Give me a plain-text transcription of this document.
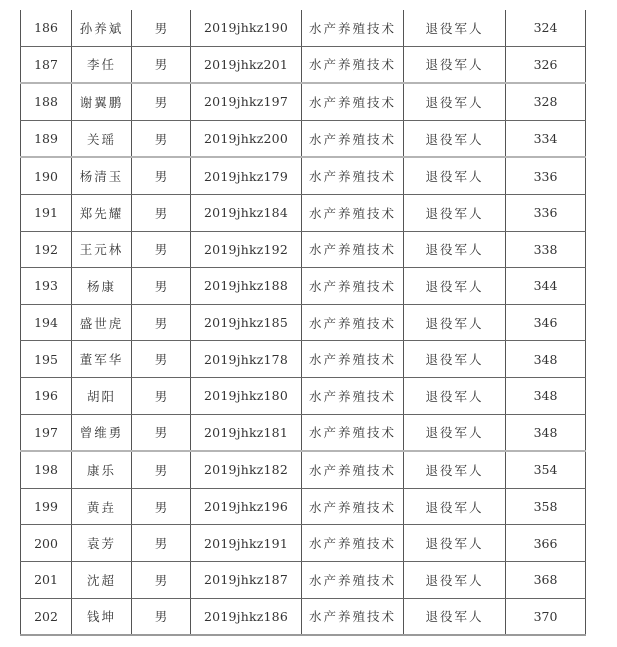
186	孙养斌	男	2019jhkz190	水产养殖技术	退役军人	324
187	李任	男	2019jhkz201	水产养殖技术	退役军人	326
188	谢翼鹏	男	2019jhkz197	水产养殖技术	退役军人	328
189	关瑶	男	2019jhkz200	水产养殖技术	退役军人	334
190	杨清玉	男	2019jhkz179	水产养殖技术	退役军人	336
191	郑先耀	男	2019jhkz184	水产养殖技术	退役军人	336
192	王元林	男	2019jhkz192	水产养殖技术	退役军人	338
193	杨康	男	2019jhkz188	水产养殖技术	退役军人	344
194	盛世虎	男	2019jhkz185	水产养殖技术	退役军人	346
195	董军华	男	2019jhkz178	水产养殖技术	退役军人	348
196	胡阳	男	2019jhkz180	水产养殖技术	退役军人	348
197	曾维勇	男	2019jhkz181	水产养殖技术	退役军人	348
198	康乐	男	2019jhkz182	水产养殖技术	退役军人	354
199	黄垚	男	2019jhkz196	水产养殖技术	退役军人	358
200	袁芳	男	2019jhkz191	水产养殖技术	退役军人	366
201	沈超	男	2019jhkz187	水产养殖技术	退役军人	368
202	钱坤	男	2019jhkz186	水产养殖技术	退役军人	370
